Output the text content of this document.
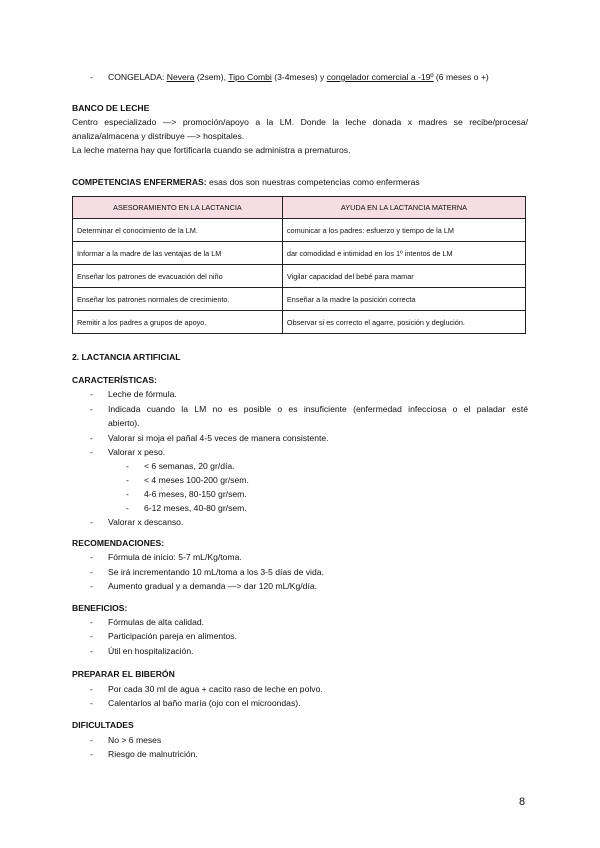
-	CONGELADA: Nevera (2sem), Tipo Combi (3-4meses) y congelador comercial a -19º (6 meses o +)
BANCO DE LECHE
Centro especializado —> promoción/apoyo a la LM. Donde la leche donada x madres se recibe/procesa/
analiza/almacena y distribuye —> hospitales.
La leche materna hay que fortificarla cuando se administra a prematuros.
COMPETENCIAS ENFERMERAS: esas dos son nuestras competencias como enfermeras
ASESORAMIENTO EN LA LACTANCIA	AYUDA EN LA LACTANCIA MATERNA
Determinar el conocimiento de la LM.	comunicar a los padres: esfuerzo y tiempo de la LM
Informar a la madre de las ventajas de la LM	dar comodidad e intimidad en los 1º intentos de LM
Enseñar los patrones de evacuación del niño	Vigilar capacidad del bebé para mamar
Enseñar los patrones normales de crecimiento.	Enseñar a la madre la posición correcta
Remitir a los padres a grupos de apoyo.	Observar si es correcto el agarre, posición y deglución.
2. LACTANCIA ARTIFICIAL
CARACTERÍSTICAS:
-	Leche de fórmula.
-	Indicada cuando la LM no es posible o es insuficiente (enfermedad infecciosa o el paladar esté
abierto).
-	Valorar si moja el pañal 4-5 veces de manera consistente.
-	Valorar x peso.
-	< 6 semanas, 20 gr/día.
-	< 4 meses 100-200 gr/sem.
-	4-6 meses, 80-150 gr/sem.
-	6-12 meses, 40-80 gr/sem.
-	Valorar x descanso.
RECOMENDACIONES:
-	Fórmula de inicio: 5-7 mL/Kg/toma.
-	Se irá incrementando 10 mL/toma a los 3-5 días de vida.
-	Aumento gradual y a demanda —> dar 120 mL/Kg/día.
BENEFICIOS:
-	Fórmulas de alta calidad.
-	Participación pareja en alimentos.
-	Útil en hospitalización.
PREPARAR EL BIBERÓN
-	Por cada 30 ml de agua + cacito raso de leche en polvo.
-	Calentarlos al baño maría (ojo con el microondas).
DIFICULTADES
-	No > 6 meses
-	Riesgo de malnutrición.
8
